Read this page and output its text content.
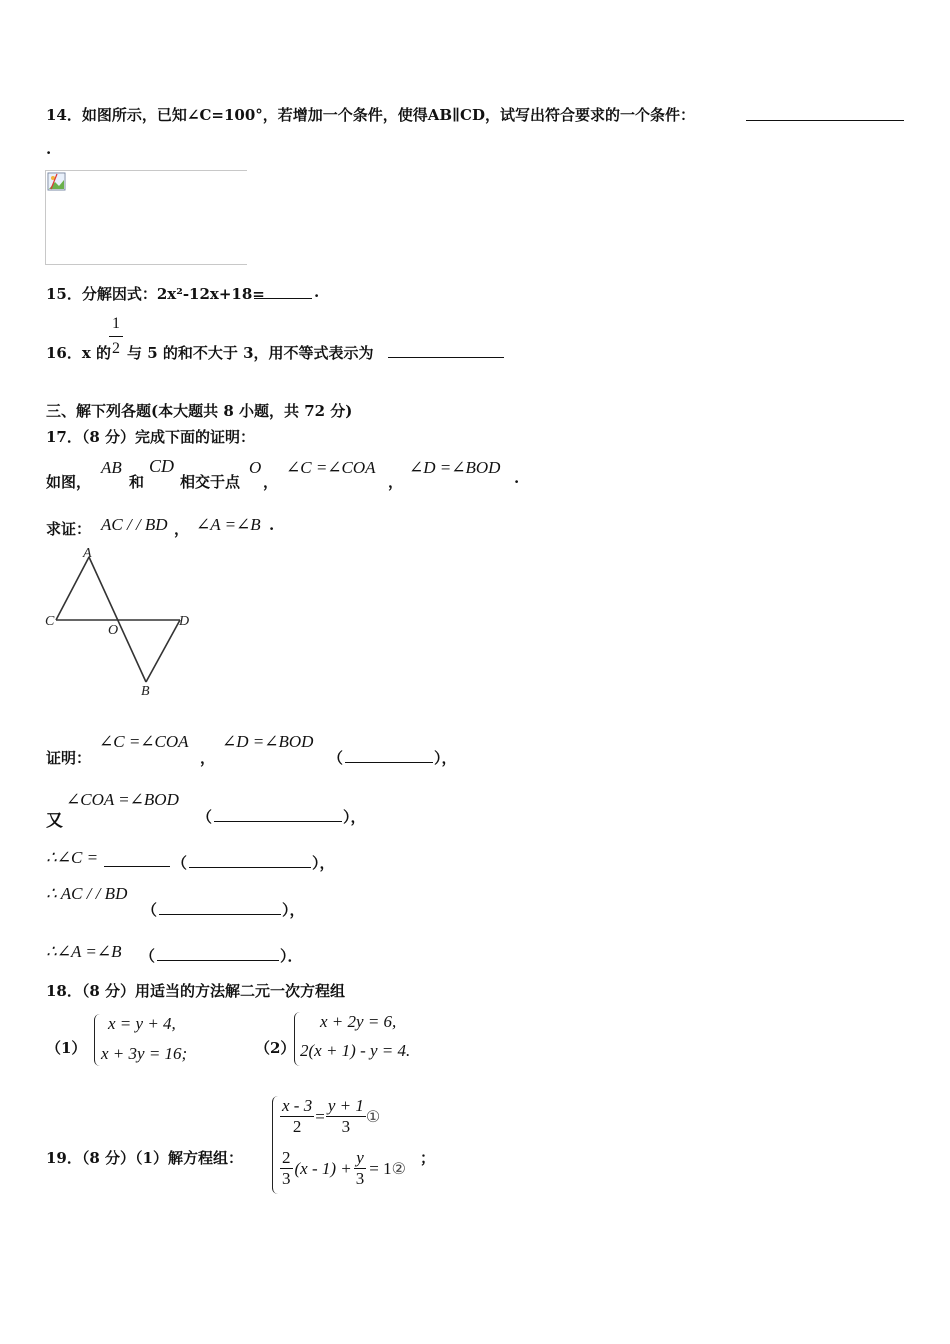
14．如图所示，已知∠C=100°，若增加一个条件，使得AB∥CD，试写出符合要求的一个条件：
.
15．分解因式：2x²-12x+18=	.
16．x 的
1
2 与 5 的和不大于 3，用不等式表示为
三、解下列各题(本大题共 8 小题，共 72 分)
17．（8 分）完成下面的证明：
如图，
AB
和
CD
相交于点
O
，
∠C =∠COA
，
∠D =∠BOD
.
求证： AC / / BD ， ∠A =∠B .
A
C
O
D
B
证明：
∠C =∠COA
，
∠D =∠BOD
（	），
又
∠COA =∠BOD
（	），
∴∠C =	（	），
∴ AC / / BD
（	），
∴∠A =∠B （	）．
18．（8 分）用适当的方法解二元一次方程组
（1）
x = y + 4,
x + 3y = 16;	（2）
x + 2y = 6,
2(x + 1) - y = 4.
19．（8 分）（1）解方程组：
$\frac{x - 3}{2} = \frac{y + 1}{3}$ ①
$\frac{2}{3} (x - 1) + \frac{y}{3} = 1$ ②
；
